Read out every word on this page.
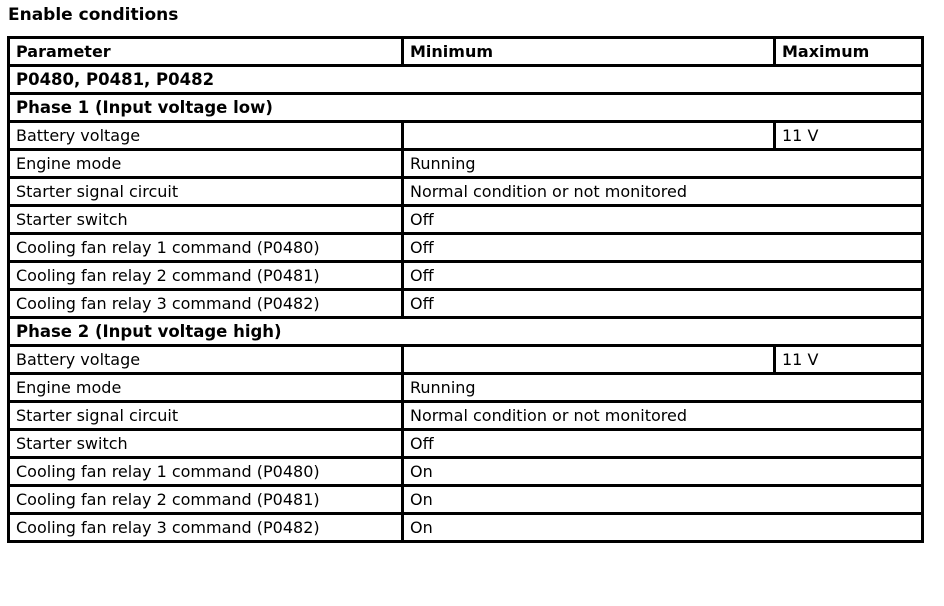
Enable conditions
Parameter	Minimum	Maximum
P0480, P0481, P0482		
Phase 1 (Input voltage low)		
Battery voltage		11 V
Engine mode	Running	
Starter signal circuit	Normal condition or not monitored	
Starter switch	Off	
Cooling fan relay 1 command (P0480)	Off	
Cooling fan relay 2 command (P0481)	Off	
Cooling fan relay 3 command (P0482)	Off	
Phase 2 (Input voltage high)		
Battery voltage		11 V
Engine mode	Running	
Starter signal circuit	Normal condition or not monitored	
Starter switch	Off	
Cooling fan relay 1 command (P0480)	On	
Cooling fan relay 2 command (P0481)	On	
Cooling fan relay 3 command (P0482)	On	
